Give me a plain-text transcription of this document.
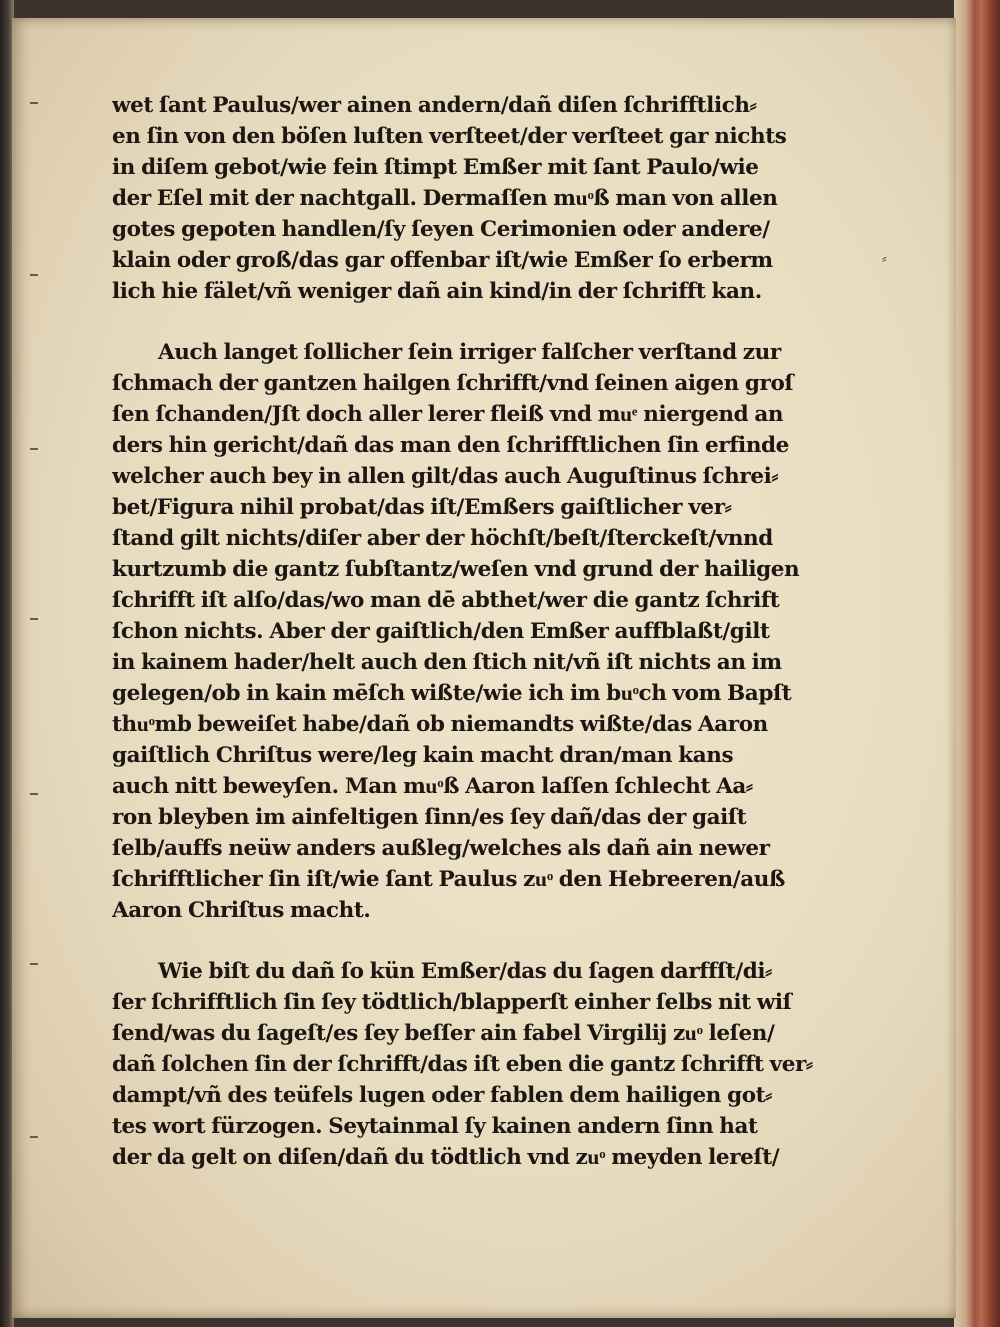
⸗
wet ſant Paulus/wer ainen andern/dañ diſen ſchrifftlich⸗
en ſin von den böſen luſten verſteet/der verſteet gar nichts
in diſem gebot/wie fein ſtimpt Emßer mit ſant Paulo/wie
der Eſel mit der nachtgall. Dermaſſen muͦß man von allen
gotes gepoten handlen/ſy ſeyen Cerimonien oder andere/
klain oder groß/das gar offenbar iſt/wie Emßer ſo erberm
lich hie fälet/vñ weniger dañ ain kind/in der ſchrifft kan.
Auch langet ſollicher ſein irriger falſcher verſtand zur
ſchmach der gantzen hailgen ſchrifft/vnd ſeinen aigen groſ
ſen ſchanden/Jſt doch aller lerer fleiß vnd muͤ niergend an
ders hin gericht/dañ das man den ſchrifftlichen ſin erfinde
welcher auch bey in allen gilt/das auch Auguſtinus ſchrei⸗
bet/Figura nihil probat/das iſt/Emßers gaiſtlicher ver⸗
ſtand gilt nichts/diſer aber der höchſt/beſt/ſterckeſt/vnnd
kurtzumb die gantz ſubſtantz/weſen vnd grund der hailigen
ſchrifft iſt alſo/das/wo man dē abthet/wer die gantz ſchrift
ſchon nichts. Aber der gaiſtlich/den Emßer auffblaßt/gilt
in kainem hader/helt auch den ſtich nit/vñ iſt nichts an im
gelegen/ob in kain mēſch wißte/wie ich im buͦch vom Bapſt
thuͦmb beweiſet habe/dañ ob niemandts wißte/das Aaron
gaiſtlich Chriſtus were/leg kain macht dran/man kans
auch nitt beweyſen. Man muͦß Aaron laſſen ſchlecht Aa⸗
ron bleyben im ainfeltigen ſinn/es ſey dañ/das der gaiſt
ſelb/auffs neüw anders außleg/welches als dañ ain newer
ſchrifftlicher ſin iſt/wie ſant Paulus zuͦ den Hebreeren/auß
Aaron Chriſtus macht.
Wie biſt du dañ ſo kün Emßer/das du ſagen darffſt/di⸗
ſer ſchrifftlich ſin ſey tödtlich/blapperſt einher ſelbs nit wiſ
ſend/was du ſageſt/es ſey beſſer ain fabel Virgilij zuͦ leſen/
dañ ſolchen ſin der ſchrifft/das iſt eben die gantz ſchrifft ver⸗
dampt/vñ des teüfels lugen oder fablen dem hailigen got⸗
tes wort fürzogen. Seytainmal ſy kainen andern ſinn hat
der da gelt on diſen/dañ du tödtlich vnd zuͦ meyden lereſt/
